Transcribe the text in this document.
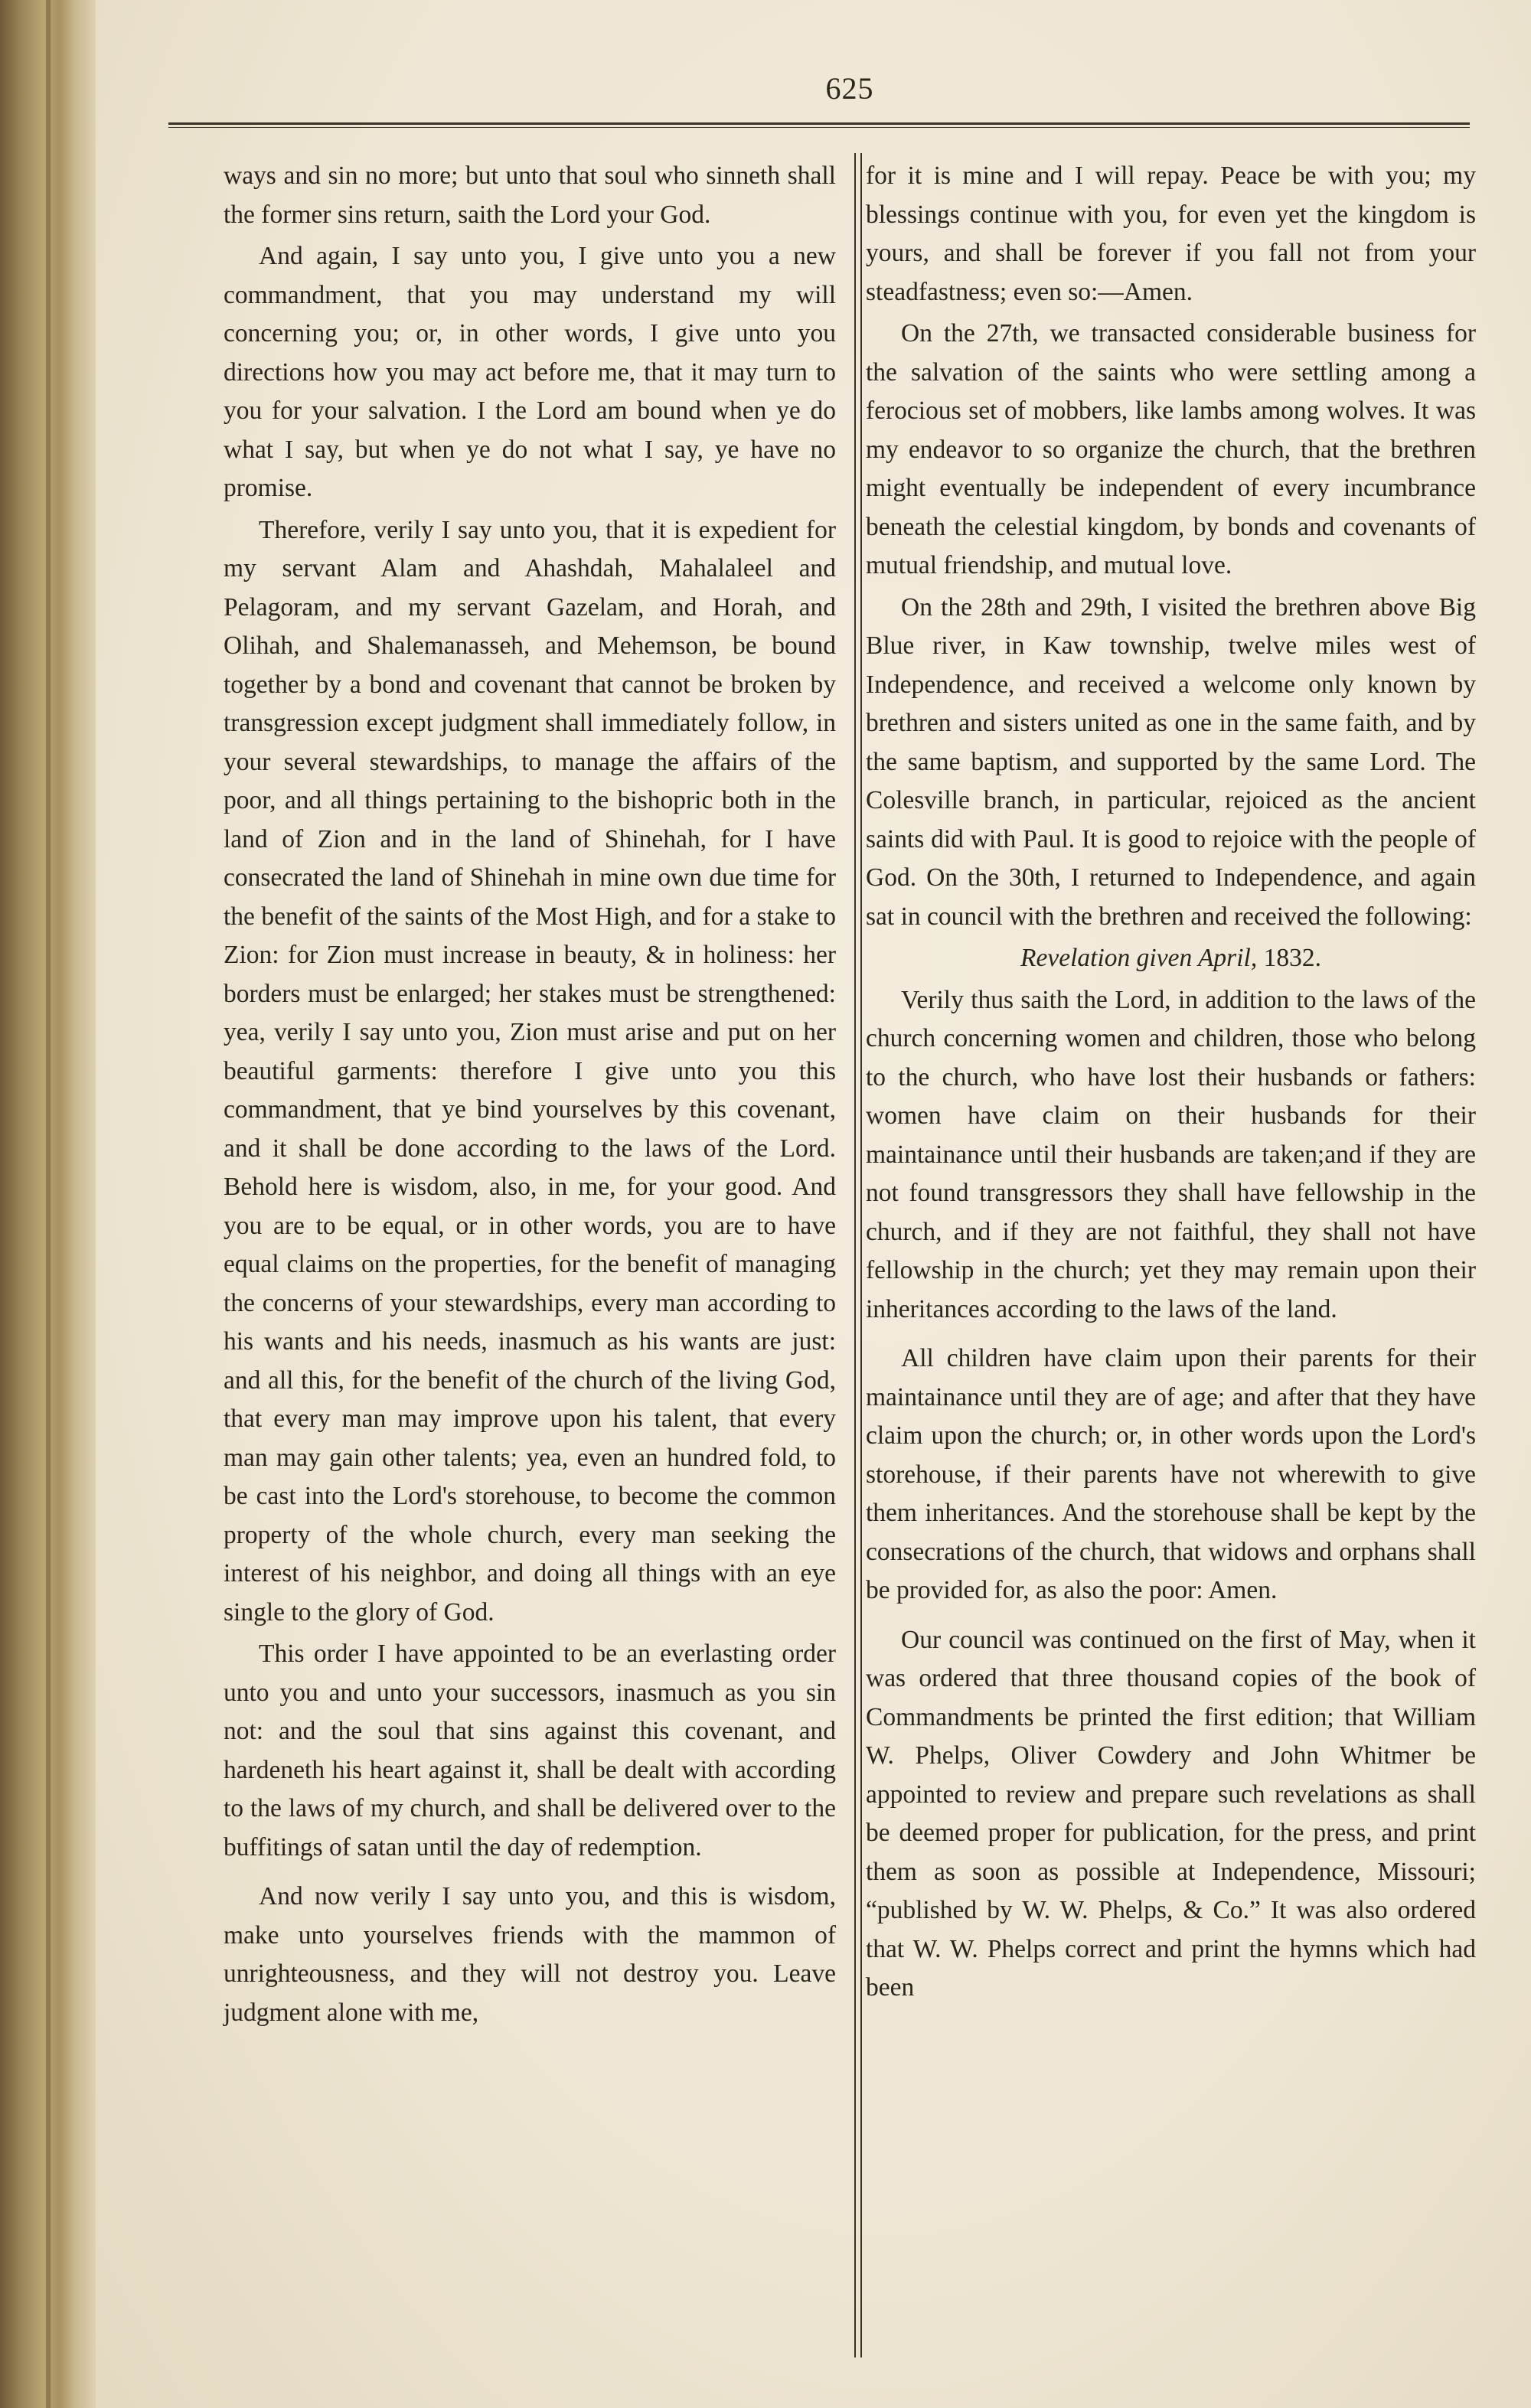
625

ways and sin no more; but unto that soul who sinneth shall the former sins return, saith the Lord your God.

And again, I say unto you, I give unto you a new commandment, that you may understand my will concerning you; or, in other words, I give unto you directions how you may act before me, that it may turn to you for your salvation. I the Lord am bound when ye do what I say, but when ye do not what I say, ye have no promise.

Therefore, verily I say unto you, that it is expedient for my servant Alam and Ahashdah, Mahalaleel and Pelagoram, and my servant Gazelam, and Horah, and Olihah, and Shalemanasseh, and Mehemson, be bound together by a bond and covenant that cannot be broken by transgression except judgment shall immediately follow, in your several stewardships, to manage the affairs of the poor, and all things pertaining to the bishopric both in the land of Zion and in the land of Shinehah, for I have consecrated the land of Shinehah in mine own due time for the benefit of the saints of the Most High, and for a stake to Zion: for Zion must increase in beauty, & in holiness: her borders must be enlarged; her stakes must be strengthened: yea, verily I say unto you, Zion must arise and put on her beautiful garments: therefore I give unto you this commandment, that ye bind yourselves by this covenant, and it shall be done according to the laws of the Lord. Behold here is wisdom, also, in me, for your good. And you are to be equal, or in other words, you are to have equal claims on the properties, for the benefit of managing the concerns of your stewardships, every man according to his wants and his needs, inasmuch as his wants are just: and all this, for the benefit of the church of the living God, that every man may improve upon his talent, that every man may gain other talents; yea, even an hundred fold, to be cast into the Lord's storehouse, to become the common property of the whole church, every man seeking the interest of his neighbor, and doing all things with an eye single to the glory of God.

This order I have appointed to be an everlasting order unto you and unto your successors, inasmuch as you sin not: and the soul that sins against this covenant, and hardeneth his heart against it, shall be dealt with according to the laws of my church, and shall be delivered over to the buffitings of satan until the day of redemption.

And now verily I say unto you, and this is wisdom, make unto yourselves friends with the mammon of unrighteousness, and they will not destroy you. Leave judgment alone with me,

for it is mine and I will repay. Peace be with you; my blessings continue with you, for even yet the kingdom is yours, and shall be forever if you fall not from your steadfastness; even so:—Amen.

On the 27th, we transacted considerable business for the salvation of the saints who were settling among a ferocious set of mobbers, like lambs among wolves. It was my endeavor to so organize the church, that the brethren might eventually be independent of every incumbrance beneath the celestial kingdom, by bonds and covenants of mutual friendship, and mutual love.

On the 28th and 29th, I visited the brethren above Big Blue river, in Kaw township, twelve miles west of Independence, and received a welcome only known by brethren and sisters united as one in the same faith, and by the same baptism, and supported by the same Lord. The Colesville branch, in particular, rejoiced as the ancient saints did with Paul. It is good to rejoice with the people of God. On the 30th, I returned to Independence, and again sat in council with the brethren and received the following:

Revelation given April, 1832.

Verily thus saith the Lord, in addition to the laws of the church concerning women and children, those who belong to the church, who have lost their husbands or fathers: women have claim on their husbands for their maintainance until their husbands are taken;and if they are not found transgressors they shall have fellowship in the church, and if they are not faithful, they shall not have fellowship in the church; yet they may remain upon their inheritances according to the laws of the land.

All children have claim upon their parents for their maintainance until they are of age; and after that they have claim upon the church; or, in other words upon the Lord's storehouse, if their parents have not wherewith to give them inheritances. And the storehouse shall be kept by the consecrations of the church, that widows and orphans shall be provided for, as also the poor: Amen.

Our council was continued on the first of May, when it was ordered that three thousand copies of the book of Commandments be printed the first edition; that William W. Phelps, Oliver Cowdery and John Whitmer be appointed to review and prepare such revelations as shall be deemed proper for publication, for the press, and print them as soon as possible at Independence, Missouri; “published by W. W. Phelps, & Co.” It was also ordered that W. W. Phelps correct and print the hymns which had been
